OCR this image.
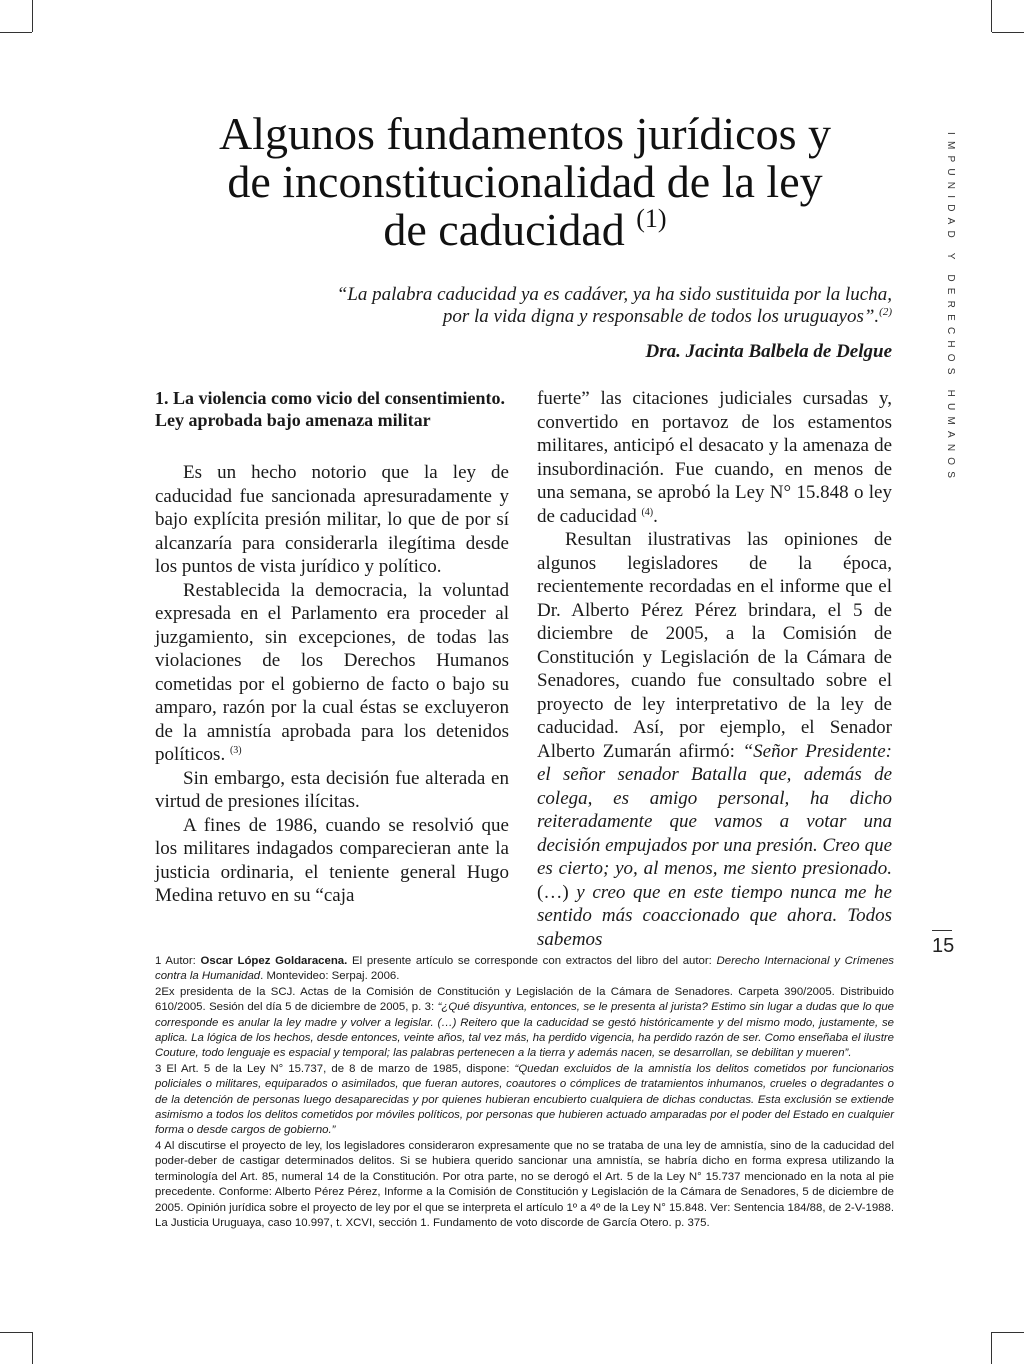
Algunos fundamentos jurídicos y
de inconstitucionalidad de la ley
de caducidad $^{(1)}$

“La palabra caducidad ya es cadáver, ya ha sido sustituida por la lucha,
por la vida digna y responsable de todos los uruguayos”.$^{(2)}$

Dra. Jacinta Balbela de Delgue	IMPUNIDAD Y DERECHOS HUMANOS
15
1. La violencia como vicio del consentimiento. Ley aprobada bajo amenaza militar

Es un hecho notorio que la ley de caducidad fue sancionada apresuradamente y bajo explícita presión militar, lo que de por sí alcanzaría para considerarla ilegítima desde los puntos de vista jurídico y político.

Restablecida la democracia, la voluntad expresada en el Parlamento era proceder al juzgamiento, sin excepciones, de todas las violaciones de los Derechos Humanos cometidas por el gobierno de facto o bajo su amparo, razón por la cual éstas se excluyeron de la amnistía aprobada para los detenidos políticos. $^{(3)}$

Sin embargo, esta decisión fue alterada en virtud de presiones ilícitas.

A fines de 1986, cuando se resolvió que los militares indagados comparecieran ante la justicia ordinaria, el teniente general Hugo Medina retuvo en su “caja

fuerte” las citaciones judiciales cursadas y, convertido en portavoz de los estamentos militares, anticipó el desacato y la amenaza de insubordinación. Fue cuando, en menos de una semana, se aprobó la Ley N° 15.848 o ley de caducidad $^{(4)}$.

Resultan ilustrativas las opiniones de algunos legisladores de la época, recientemente recordadas en el informe que el Dr. Alberto Pérez Pérez brindara, el 5 de diciembre de 2005, a la Comisión de Constitución y Legislación de la Cámara de Senadores, cuando fue consultado sobre el proyecto de ley interpretativo de la ley de caducidad. Así, por ejemplo, el Senador Alberto Zumarán afirmó: “Señor Presidente: el señor senador Batalla que, además de colega, es amigo personal, ha dicho reiteradamente que vamos a votar una decisión empujados por una presión. Creo que es cierto; yo, al menos, me siento presionado. (…) y creo que en este tiempo nunca me he sentido más coaccionado que ahora. Todos sabemos

1 Autor: Oscar López Goldaracena. El presente artículo se corresponde con extractos del libro del autor: Derecho Internacional y Crímenes contra la Humanidad. Montevideo: Serpaj. 2006.

2Ex presidenta de la SCJ. Actas de la Comisión de Constitución y Legislación de la Cámara de Senadores. Carpeta 390/2005. Distribuido 610/2005. Sesión del día 5 de diciembre de 2005, p. 3: “¿Qué disyuntiva, entonces, se le presenta al jurista? Estimo sin lugar a dudas que lo que corresponde es anular la ley madre y volver a legislar. (…) Reitero que la caducidad se gestó históricamente y del mismo modo, justamente, se aplica. La lógica de los hechos, desde entonces, veinte años, tal vez más, ha perdido vigencia, ha perdido razón de ser. Como enseñaba el ilustre Couture, todo lenguaje es espacial y temporal; las palabras pertenecen a la tierra y además nacen, se desarrollan, se debilitan y mueren”.

3 El Art. 5 de la Ley N° 15.737, de 8 de marzo de 1985, dispone: “Quedan excluidos de la amnistía los delitos cometidos por funcionarios policiales o militares, equiparados o asimilados, que fueran autores, coautores o cómplices de tratamientos inhumanos, crueles o degradantes o de la detención de personas luego desaparecidas y por quienes hubieran encubierto cualquiera de dichas conductas. Esta exclusión se extiende asimismo a todos los delitos cometidos por móviles políticos, por personas que hubieren actuado amparadas por el poder del Estado en cualquier forma o desde cargos de gobierno.”

4 Al discutirse el proyecto de ley, los legisladores consideraron expresamente que no se trataba de una ley de amnistía, sino de la caducidad del poder-deber de castigar determinados delitos. Si se hubiera querido sancionar una amnistía, se habría dicho en forma expresa utilizando la terminología del Art. 85, numeral 14 de la Constitución. Por otra parte, no se derogó el Art. 5 de la Ley N° 15.737 mencionado en la nota al pie precedente. Conforme: Alberto Pérez Pérez, Informe a la Comisión de Constitución y Legislación de la Cámara de Senadores, 5 de diciembre de 2005. Opinión jurídica sobre el proyecto de ley por el que se interpreta el artículo 1º a 4º de la Ley N° 15.848. Ver: Sentencia 184/88, de 2-V-1988. La Justicia Uruguaya, caso 10.997, t. XCVI, sección 1. Fundamento de voto discorde de García Otero. p. 375.
